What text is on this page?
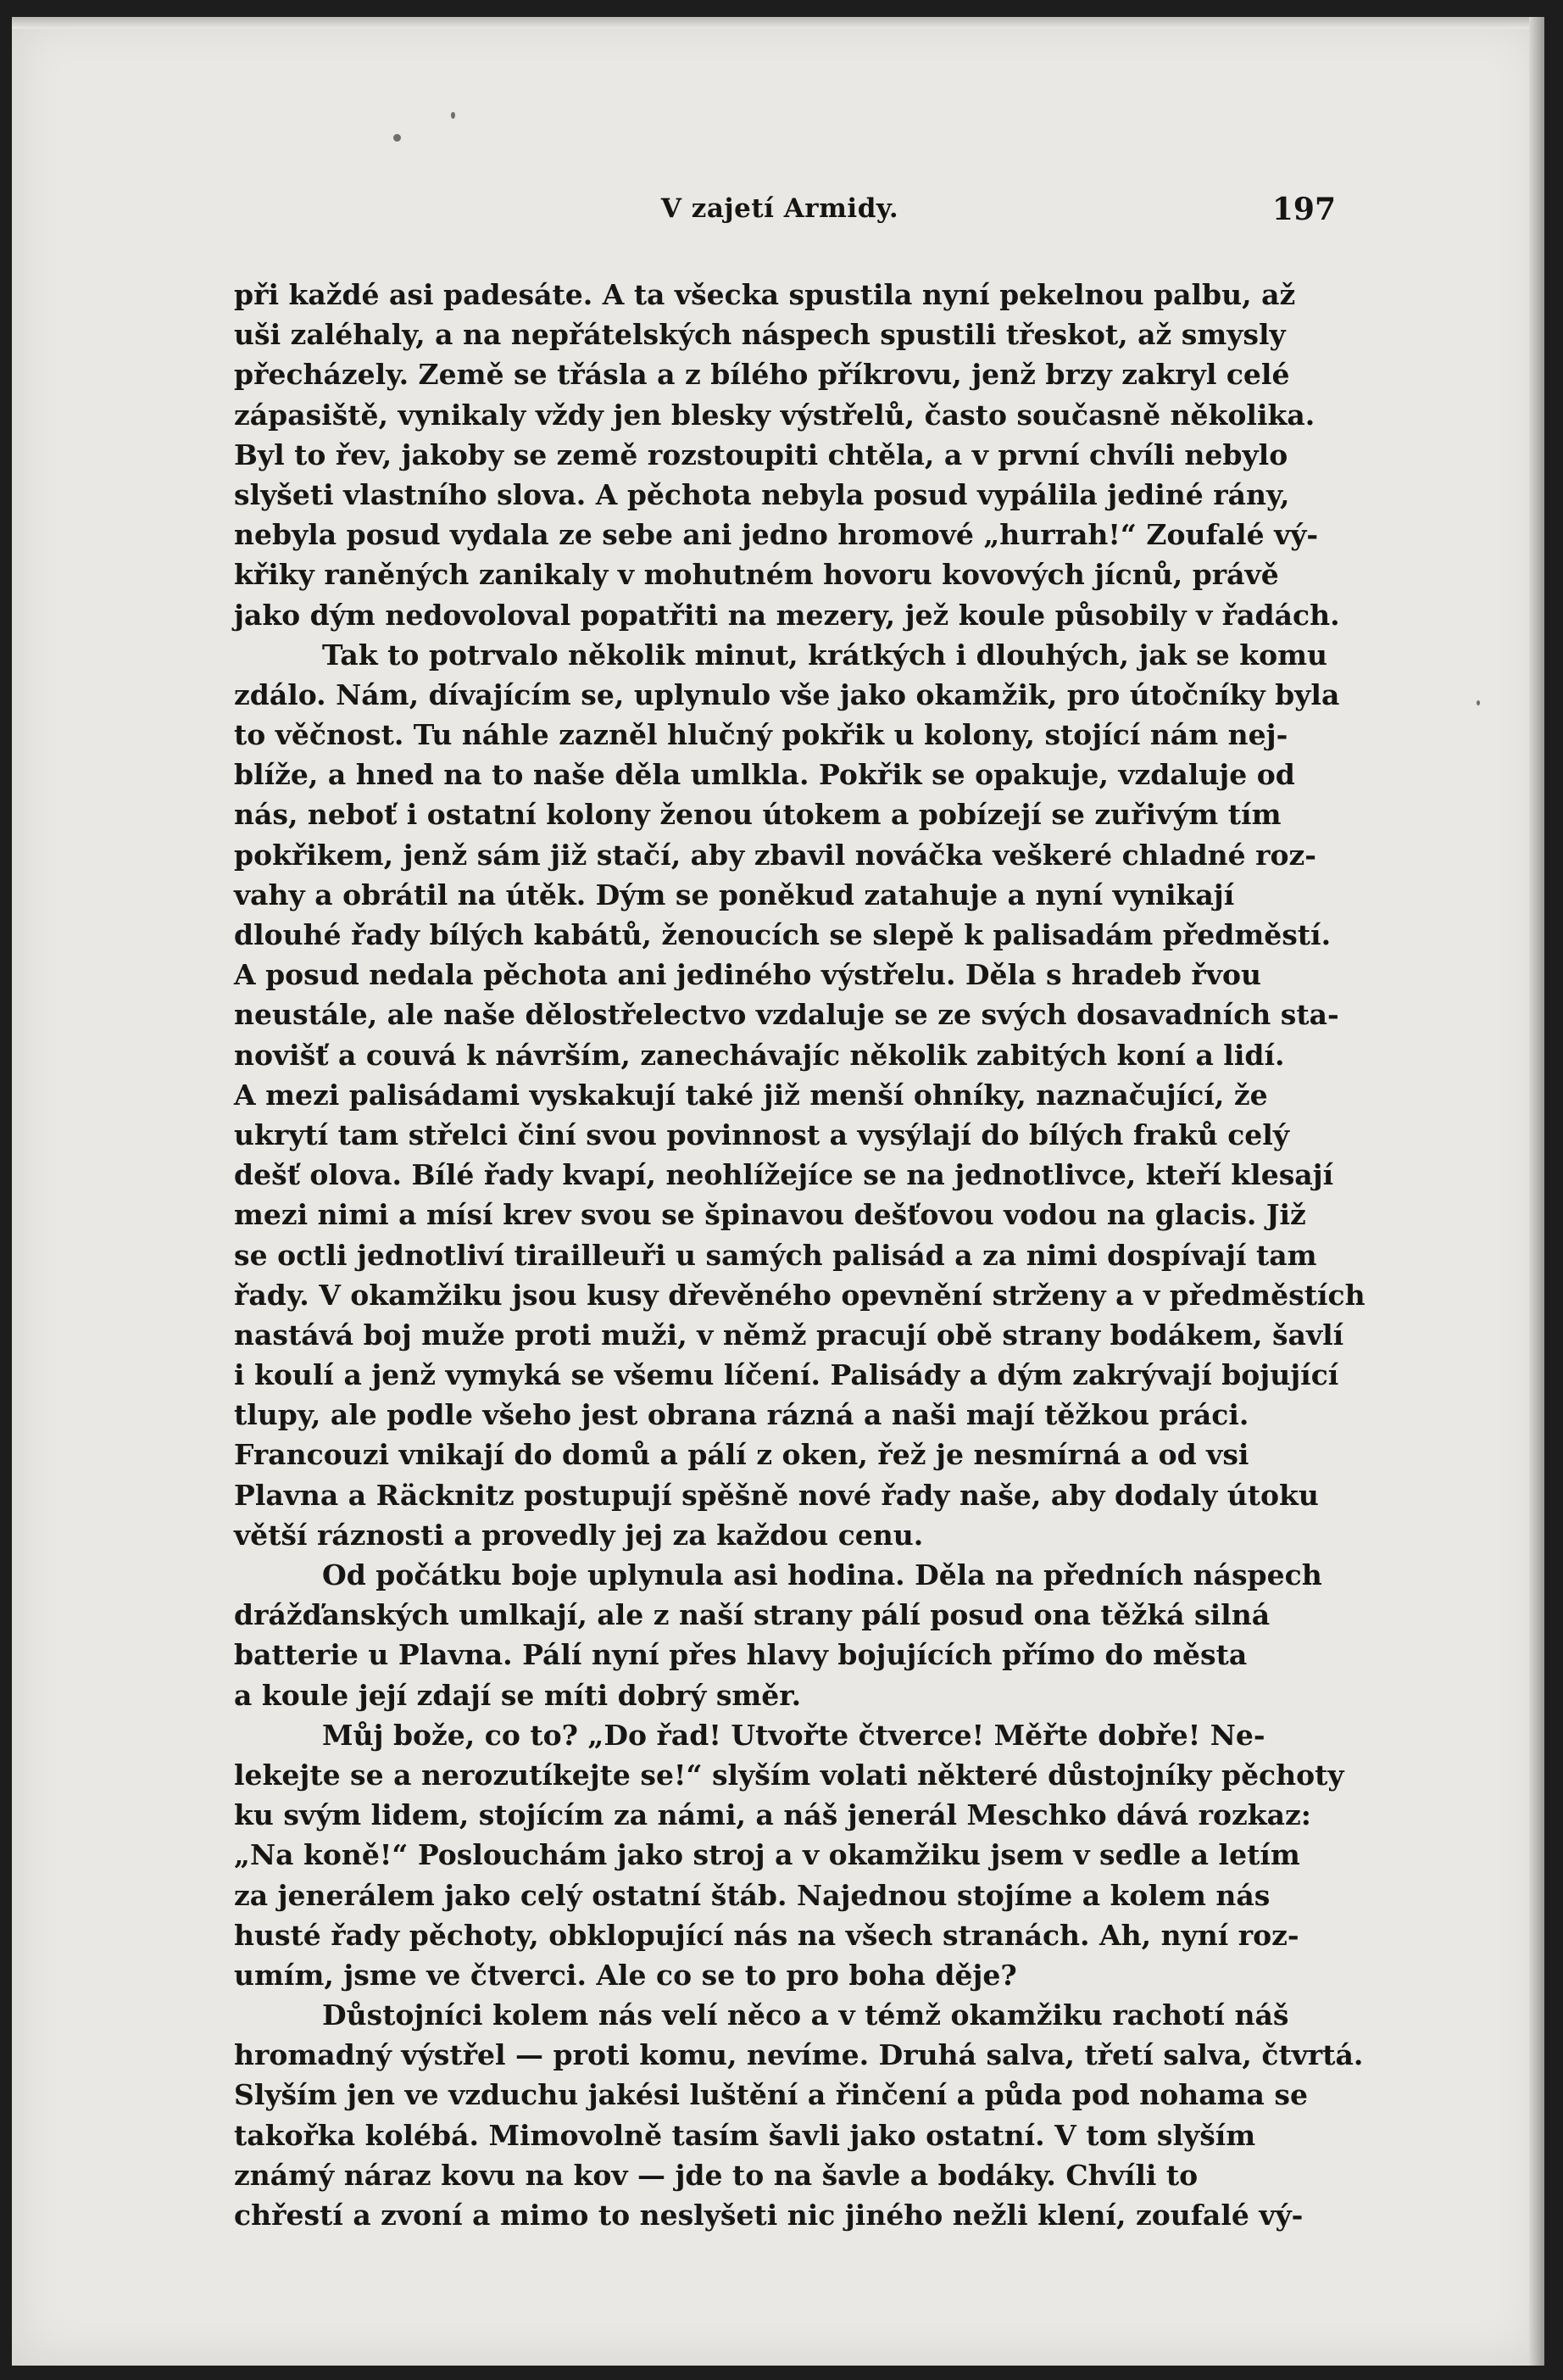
V zajetí Armidy.	197
při každé asi padesáte. A ta všecka spustila nyní pekelnou palbu, až
uši zaléhaly, a na nepřátelských náspech spustili třeskot, až smysly
přecházely. Země se třásla a z bílého příkrovu, jenž brzy zakryl celé
zápasiště, vynikaly vždy jen blesky výstřelů, často současně několika.
Byl to řev, jakoby se země rozstoupiti chtěla, a v první chvíli nebylo
slyšeti vlastního slova. A pěchota nebyla posud vypálila jediné rány,
nebyla posud vydala ze sebe ani jedno hromové „hurrah!“ Zoufalé vý-
křiky raněných zanikaly v mohutném hovoru kovových jícnů, právě
jako dým nedovoloval popatřiti na mezery, jež koule působily v řadách.
Tak to potrvalo několik minut, krátkých i dlouhých, jak se komu
zdálo. Nám, dívajícím se, uplynulo vše jako okamžik, pro útočníky byla
to věčnost. Tu náhle zazněl hlučný pokřik u kolony, stojící nám nej-
blíže, a hned na to naše děla umlkla. Pokřik se opakuje, vzdaluje od
nás, neboť i ostatní kolony ženou útokem a pobízejí se zuřivým tím
pokřikem, jenž sám již stačí, aby zbavil nováčka veškeré chladné roz-
vahy a obrátil na útěk. Dým se poněkud zatahuje a nyní vynikají
dlouhé řady bílých kabátů, ženoucích se slepě k palisadám předměstí.
A posud nedala pěchota ani jediného výstřelu. Děla s hradeb řvou
neustále, ale naše dělostřelectvo vzdaluje se ze svých dosavadních sta-
novišť a couvá k návrším, zanechávajíc několik zabitých koní a lidí.
A mezi palisádami vyskakují také již menší ohníky, naznačující, že
ukrytí tam střelci činí svou povinnost a vysýlají do bílých fraků celý
dešť olova. Bílé řady kvapí, neohlížejíce se na jednotlivce, kteří klesají
mezi nimi a mísí krev svou se špinavou dešťovou vodou na glacis. Již
se octli jednotliví tirailleuři u samých palisád a za nimi dospívají tam
řady. V okamžiku jsou kusy dřevěného opevnění strženy a v předměstích
nastává boj muže proti muži, v němž pracují obě strany bodákem, šavlí
i koulí a jenž vymyká se všemu líčení. Palisády a dým zakrývají bojující
tlupy, ale podle všeho jest obrana rázná a naši mají těžkou práci.
Francouzi vnikají do domů a pálí z oken, řež je nesmírná a od vsi
Plavna a Räcknitz postupují spěšně nové řady naše, aby dodaly útoku
větší ráznosti a provedly jej za každou cenu.
Od počátku boje uplynula asi hodina. Děla na předních náspech
drážďanských umlkají, ale z naší strany pálí posud ona těžká silná
batterie u Plavna. Pálí nyní přes hlavy bojujících přímo do města
a koule její zdají se míti dobrý směr.
Můj bože, co to? „Do řad! Utvořte čtverce! Měřte dobře! Ne-
lekejte se a nerozutíkejte se!“ slyším volati některé důstojníky pěchoty
ku svým lidem, stojícím za námi, a náš jenerál Meschko dává rozkaz:
„Na koně!“ Poslouchám jako stroj a v okamžiku jsem v sedle a letím
za jenerálem jako celý ostatní štáb. Najednou stojíme a kolem nás
husté řady pěchoty, obklopující nás na všech stranách. Ah, nyní roz-
umím, jsme ve čtverci. Ale co se to pro boha děje?
Důstojníci kolem nás velí něco a v témž okamžiku rachotí náš
hromadný výstřel — proti komu, nevíme. Druhá salva, třetí salva, čtvrtá.
Slyším jen ve vzduchu jakési luštění a řinčení a půda pod nohama se
takořka kolébá. Mimovolně tasím šavli jako ostatní. V tom slyším
známý náraz kovu na kov — jde to na šavle a bodáky. Chvíli to
chřestí a zvoní a mimo to neslyšeti nic jiného nežli klení, zoufalé vý-
